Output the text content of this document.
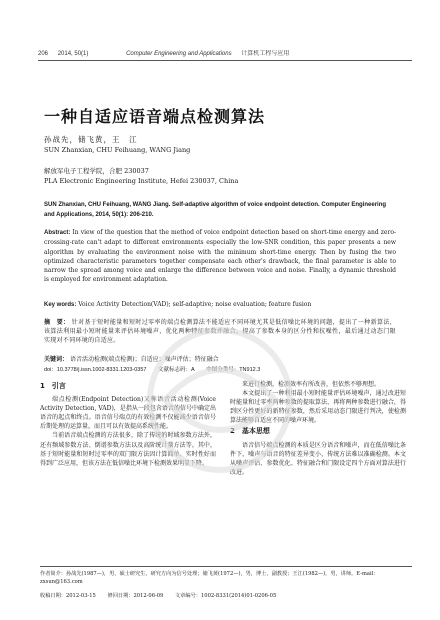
206 2014, 50(1)	Computer Engineering and Applications 计算机工程与应用
一种自适应语音端点检测算法
孙战先，储飞黄，王　江
SUN Zhanxian, CHU Feihuang, WANG Jiang
解放军电子工程学院，合肥 230037
PLA Electronic Engineering Institute, Hefei 230037, China
SUN Zhanxian, CHU Feihuang, WANG Jiang. Self-adaptive algorithm of voice endpoint detection. Computer Engineering and Applications, 2014, 50(1): 206-210.
Abstract: In view of the question that the method of voice endpoint detection based on short-time energy and zero-crossing-rate can't adapt to different environments especially the low-SNR condition, this paper presents a new algorithm by evaluating the environment noise with the minimum short-time energy. Then by fusing the two optimized characteristic parameters together compensate each other's drawback, the final parameter is able to narrow the spread among voice and enlarge the difference between voice and noise. Finally, a dynamic threshold is employed for environment adaptation.
Key words: Voice Activity Detection(VAD); self-adaptive; noise evaluation; feature fusion
摘　要： 针对基于短时能量和短时过零率的端点检测算法不能适应不同环境尤其是低信噪比环境的问题，提出了一种新算法，该算法利用最小短时能量来评估环境噪声，优化两种特征参数并融合，提高了参数本身的区分性和抗噪性，最后通过动态门限实现对不同环境的自适应。
关键词： 语音活动检测(端点检测)；自适应；噪声评估；特征融合
doi：10.3778/j.issn.1002-8331.1203-0357 文献标志码：A 中图分类号：TN912.3
1　引言

端点检测(Endpoint Detection)又称语音活动检测(Voice Activity Detection, VAD)，是指从一段包含语音的信号中确定出语音的起点和终点。语音信号端点的有效检测不仅能减少语音信号后期处理的运算量，而且可以有效提高系统性能。

当前语音端点检测的方法很多，除了传统的时域参数方法外，还有频域参数方法、倒谱参数方法以及高阶统计量方法等。其中，基于短时能量和短时过零率的双门限方法因计算简单、实时性好而得到广泛应用，但该方法在低信噪比环境下检测效果明显下降。

来进行检测，检测效率有所改善，但依然不够理想。

本文提出了一种利用最小短时能量评估环境噪声，通过改进短时能量和过零率两种参数的提取算法，再将两种参数进行融合，得到区分性更好的新特征参数，然后采用动态门限进行判决，使检测算法能够自适应不同的噪声环境。

2　基本思想

语音信号端点检测的本质是区分语音和噪声，而在低信噪比条件下，噪声与语音的特征差异变小，传统方法难以准确检测。本文从噪声评估、参数优化、特征融合和门限设定四个方面对算法进行改进。

作者简介：孙战先(1987—)，男，硕士研究生，研究方向为信号处理；储飞黄(1972—)，男，博士，副教授；王江(1982—)，男，讲师。E-mail：zxsun@163.com
收稿日期：2012-03-15 修回日期：2012-06-09 文章编号：1002-8331(2014)01-0206-05
